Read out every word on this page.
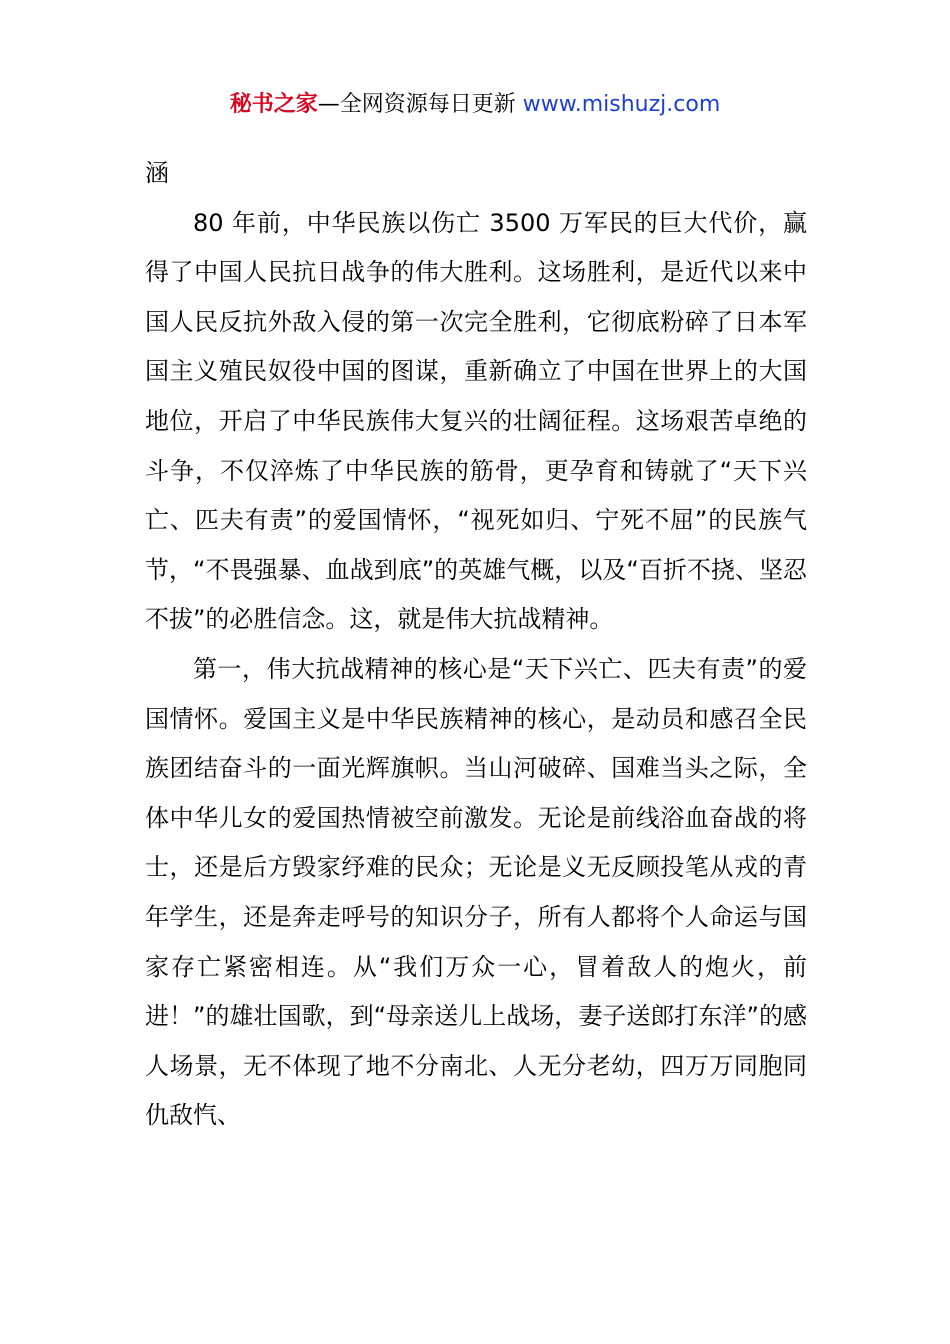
秘书之家—全网资源每日更新 www.mishuzj.com

涵

80 年前，中华民族以伤亡 3500 万军民的巨大代价，赢得了中国人民抗日战争的伟大胜利。这场胜利，是近代以来中国人民反抗外敌入侵的第一次完全胜利，它彻底粉碎了日本军国主义殖民奴役中国的图谋，重新确立了中国在世界上的大国地位，开启了中华民族伟大复兴的壮阔征程。这场艰苦卓绝的斗争，不仅淬炼了中华民族的筋骨，更孕育和铸就了“天下兴亡、匹夫有责”的爱国情怀，“视死如归、宁死不屈”的民族气节，“不畏强暴、血战到底”的英雄气概，以及“百折不挠、坚忍不拔”的必胜信念。这，就是伟大抗战精神。

第一，伟大抗战精神的核心是“天下兴亡、匹夫有责”的爱国情怀。爱国主义是中华民族精神的核心，是动员和感召全民族团结奋斗的一面光辉旗帜。当山河破碎、国难当头之际，全体中华儿女的爱国热情被空前激发。无论是前线浴血奋战的将士，还是后方毁家纾难的民众；无论是义无反顾投笔从戎的青年学生，还是奔走呼号的知识分子，所有人都将个人命运与国家存亡紧密相连。从“我们万众一心，冒着敌人的炮火，前进！”的雄壮国歌，到“母亲送儿上战场，妻子送郎打东洋”的感人场景，无不体现了地不分南北、人无分老幼，四万万同胞同仇敌忾、
